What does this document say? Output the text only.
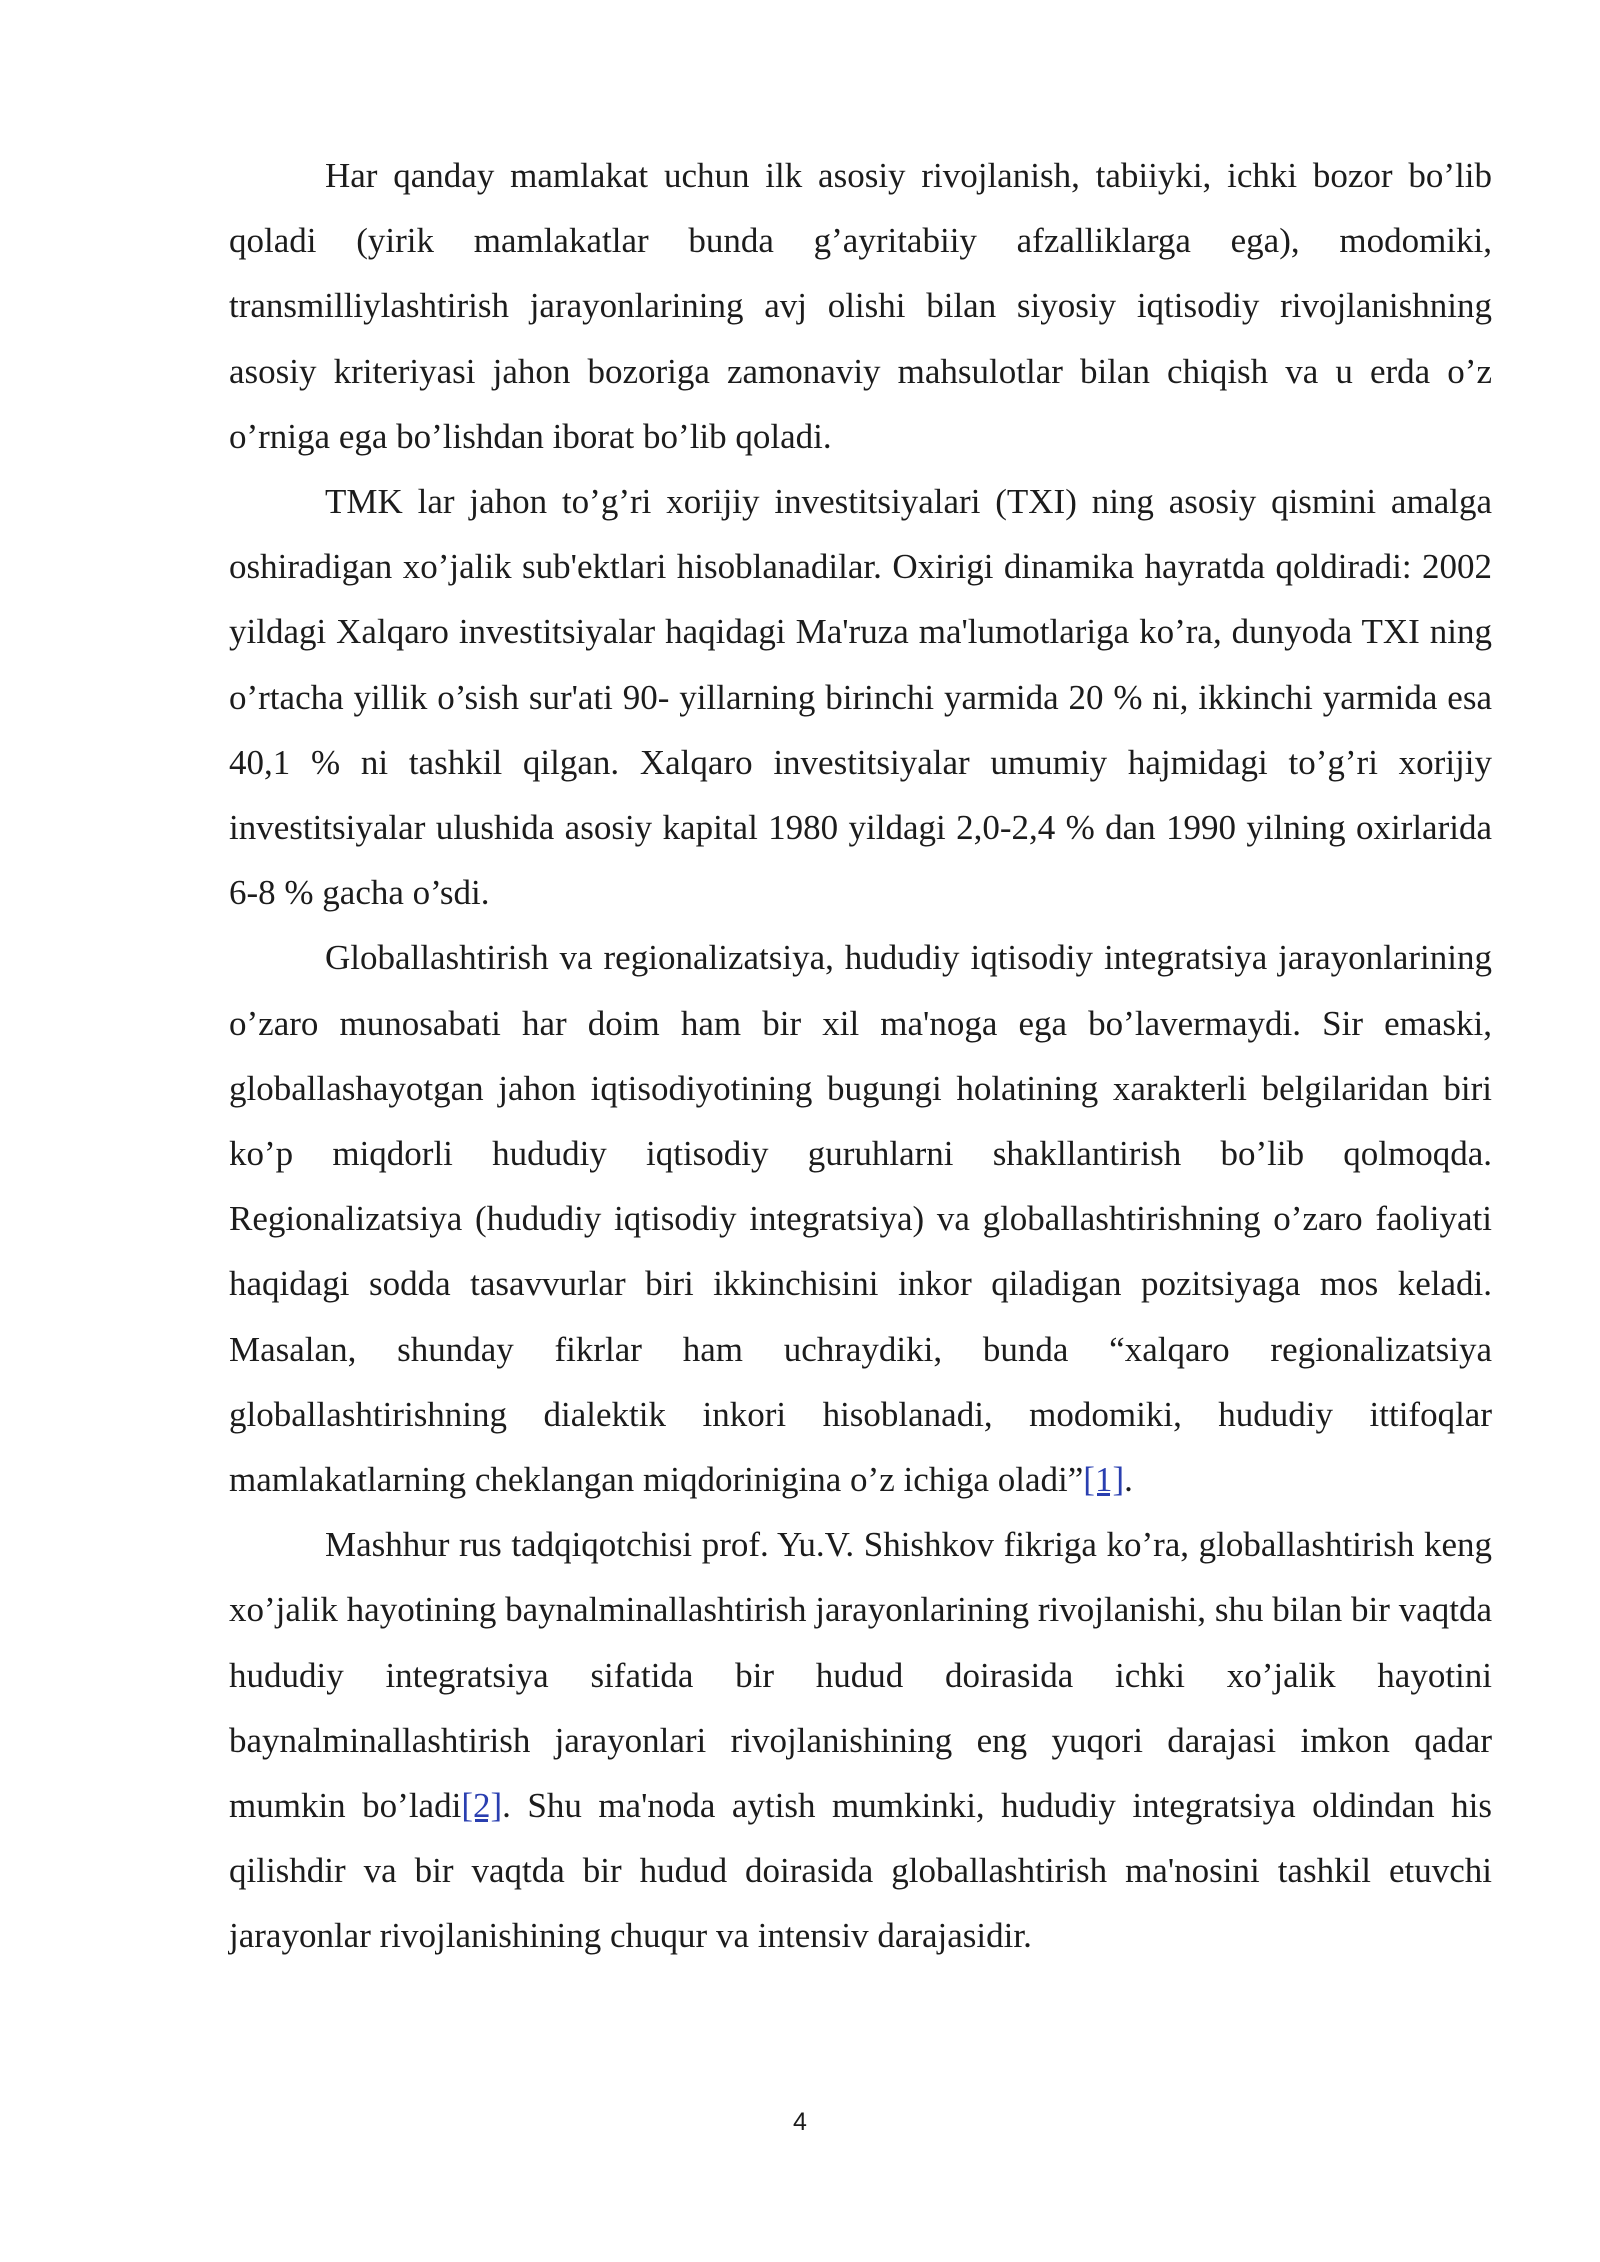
Har qanday mamlakat uchun ilk asosiy rivojlanish, tabiiyki, ichki bozor bo’lib qoladi (yirik mamlakatlar bunda g’ayritabiiy afzalliklarga ega), modomiki, transmilliylashtirish jarayonlarining avj olishi bilan siyosiy iqtisodiy rivojlanishning asosiy kriteriyasi jahon bozoriga zamonaviy mahsulotlar bilan chiqish va u erda o’z o’rniga ega bo’lishdan iborat bo’lib qoladi.

TMK lar jahon to’g’ri xorijiy investitsiyalari (TXI) ning asosiy qismini amalga oshiradigan xo’jalik sub'ektlari hisoblanadilar. Oxirigi dinamika hayratda qoldiradi: 2002 yildagi Xalqaro investitsiyalar haqidagi Ma'ruza ma'lumotlariga ko’ra, dunyoda TXI ning o’rtacha yillik o’sish sur'ati 90- yillarning birinchi yarmida 20 % ni, ikkinchi yarmida esa 40,1 % ni tashkil qilgan. Xalqaro investitsiyalar umumiy hajmidagi to’g’ri xorijiy investitsiyalar ulushida asosiy kapital 1980 yildagi 2,0-2,4 % dan 1990 yilning oxirlarida 6-8 % gacha o’sdi.

Globallashtirish va regionalizatsiya, hududiy iqtisodiy integratsiya jarayonlarining o’zaro munosabati har doim ham bir xil ma'noga ega bo’lavermaydi. Sir emaski, globallashayotgan jahon iqtisodiyotining bugungi holatining xarakterli belgilaridan biri ko’p miqdorli hududiy iqtisodiy guruhlarni shakllantirish bo’lib qolmoqda. Regionalizatsiya (hududiy iqtisodiy integratsiya) va globallashtirishning o’zaro faoliyati haqidagi sodda tasavvurlar biri ikkinchisini inkor qiladigan pozitsiyaga mos keladi. Masalan, shunday fikrlar ham uchraydiki, bunda “xalqaro regionalizatsiya globallashtirishning dialektik inkori hisoblanadi, modomiki, hududiy ittifoqlar mamlakatlarning cheklangan miqdorinigina o’z ichiga oladi”[1].

Mashhur rus tadqiqotchisi prof. Yu.V. Shishkov fikriga ko’ra, globallashtirish keng xo’jalik hayotining baynalminallashtirish jarayonlarining rivojlanishi, shu bilan bir vaqtda hududiy integratsiya sifatida bir hudud doirasida ichki xo’jalik hayotini baynalminallashtirish jarayonlari rivojlanishining eng yuqori darajasi imkon qadar mumkin bo’ladi[2]. Shu ma'noda aytish mumkinki, hududiy integratsiya oldindan his qilishdir va bir vaqtda bir hudud doirasida globallashtirish ma'nosini tashkil etuvchi jarayonlar rivojlanishining chuqur va intensiv darajasidir.

4
